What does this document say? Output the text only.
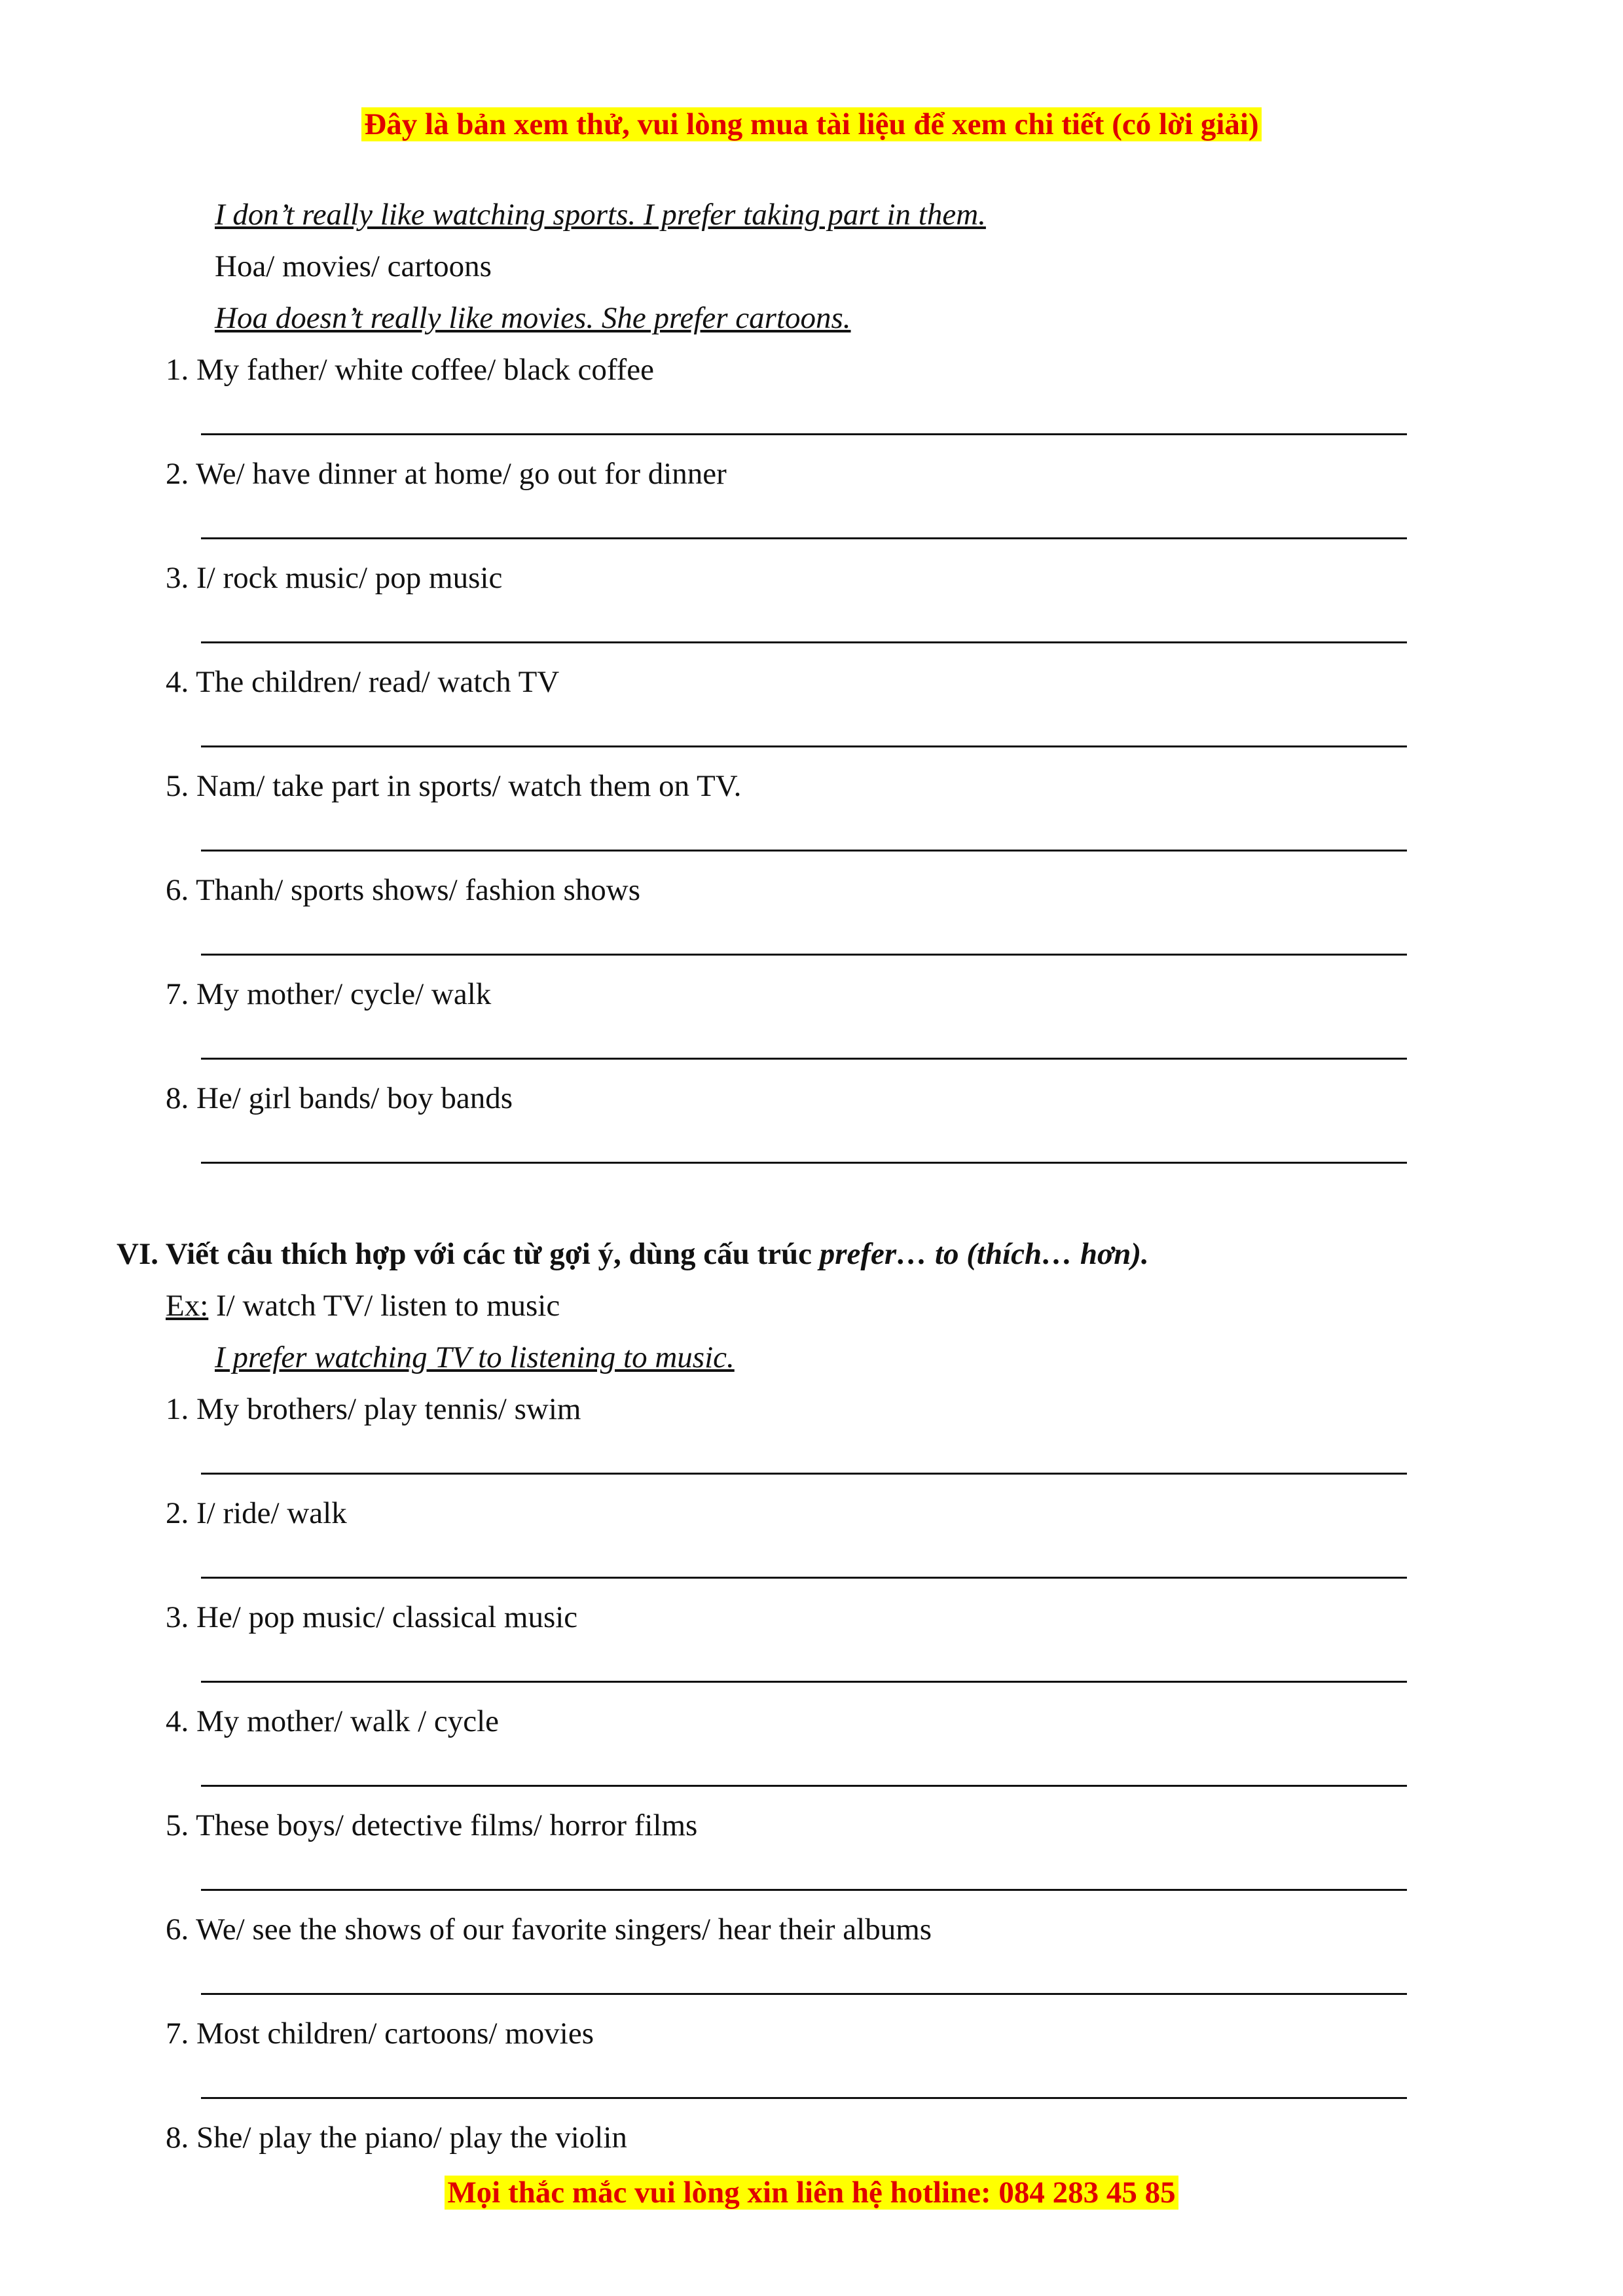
Đây là bản xem thử, vui lòng mua tài liệu để xem chi tiết (có lời giải)
I don’t really like watching sports. I prefer taking part in them.
Hoa/ movies/ cartoons
Hoa doesn’t really like movies. She prefer cartoons.
1. My father/ white coffee/ black coffee
2. We/ have dinner at home/ go out for dinner
3. I/ rock music/ pop music
4. The children/ read/ watch TV
5. Nam/ take part in sports/ watch them on TV.
6. Thanh/ sports shows/ fashion shows
7. My mother/ cycle/ walk
8. He/ girl bands/ boy bands
VI. Viết câu thích hợp với các từ gợi ý, dùng cấu trúc prefer… to (thích… hơn).
Ex: I/ watch TV/ listen to music
I prefer watching TV to listening to music.
1. My brothers/ play tennis/ swim
2. I/ ride/ walk
3. He/ pop music/ classical music
4. My mother/ walk / cycle
5. These boys/ detective films/ horror films
6. We/ see the shows of our favorite singers/ hear their albums
7. Most children/ cartoons/ movies
8. She/ play the piano/ play the violin
Mọi thắc mắc vui lòng xin liên hệ hotline: 084 283 45 85
